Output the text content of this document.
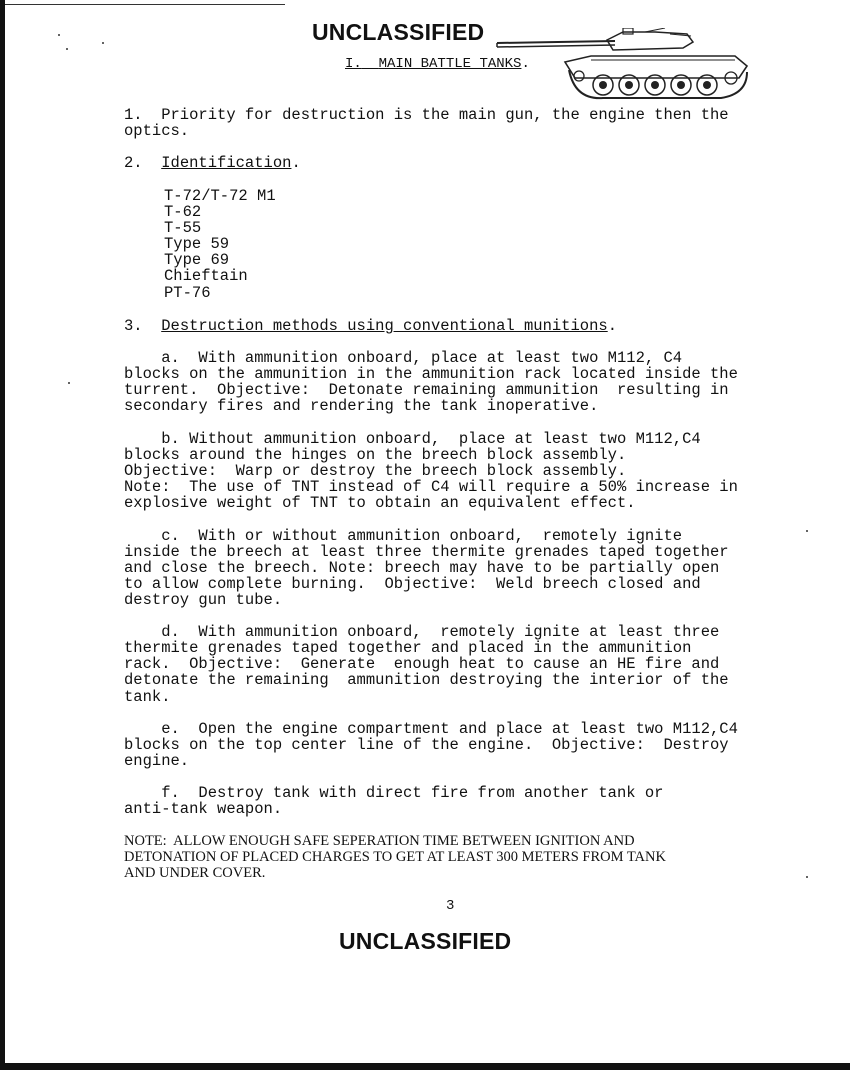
UNCLASSIFIED
I. MAIN BATTLE TANKS.
1.  Priority for destruction is the main gun, the engine then the
optics.
2.  Identification.
T-72/T-72 M1
T-62
T-55
Type 59
Type 69
Chieftain
PT-76
3.  Destruction methods using conventional munitions.
a.  With ammunition onboard, place at least two M112, C4
blocks on the ammunition in the ammunition rack located inside the
turrent.  Objective:  Detonate remaining ammunition  resulting in
secondary fires and rendering the tank inoperative.
b. Without ammunition onboard,  place at least two M112,C4
blocks around the hinges on the breech block assembly.
Objective:  Warp or destroy the breech block assembly.
Note:  The use of TNT instead of C4 will require a 50% increase in
explosive weight of TNT to obtain an equivalent effect.
c.  With or without ammunition onboard,  remotely ignite
inside the breech at least three thermite grenades taped together
and close the breech. Note: breech may have to be partially open
to allow complete burning.  Objective:  Weld breech closed and
destroy gun tube.
d.  With ammunition onboard,  remotely ignite at least three
thermite grenades taped together and placed in the ammunition
rack.  Objective:  Generate  enough heat to cause an HE fire and
detonate the remaining  ammunition destroying the interior of the
tank.
e.  Open the engine compartment and place at least two M112,C4
blocks on the top center line of the engine.  Objective:  Destroy
engine.
f.  Destroy tank with direct fire from another tank or
anti-tank weapon.
NOTE:  ALLOW ENOUGH SAFE SEPERATION TIME BETWEEN IGNITION AND
DETONATION OF PLACED CHARGES TO GET AT LEAST 300 METERS FROM TANK
AND UNDER COVER.
3
UNCLASSIFIED
